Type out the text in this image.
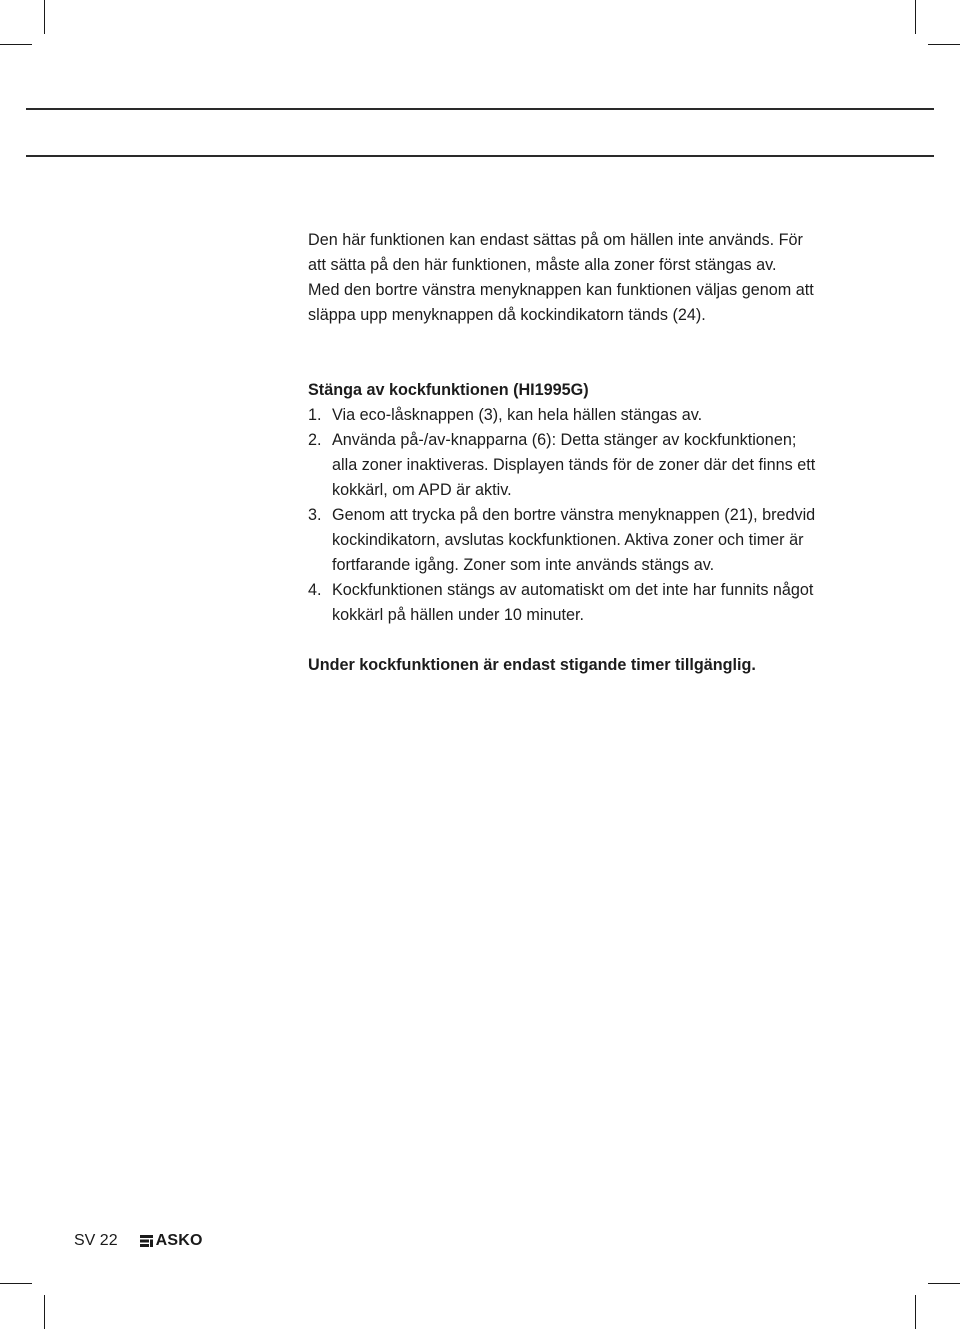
Den här funktionen kan endast sättas på om hällen inte används. För

att sätta på den här funktionen, måste alla zoner först stängas av.

Med den bortre vänstra menyknappen kan funktionen väljas genom att

släppa upp menyknappen då kockindikatorn tänds (24).

Stänga av kockfunktionen (HI1995G)
1. Via eco-låsknappen (3), kan hela hällen stängas av.
2. Använda på-/av-knapparna (6): Detta stänger av kockfunktionen;
alla zoner inaktiveras. Displayen tänds för de zoner där det finns ett
kokkärl, om APD är aktiv.
3. Genom att trycka på den bortre vänstra menyknappen (21), bredvid
kockindikatorn, avslutas kockfunktionen. Aktiva zoner och timer är
fortfarande igång. Zoner som inte används stängs av.
4. Kockfunktionen stängs av automatiskt om det inte har funnits något
kokkärl på hällen under 10 minuter.

Under kockfunktionen är endast stigande timer tillgänglig.

SV 22 ASKO
